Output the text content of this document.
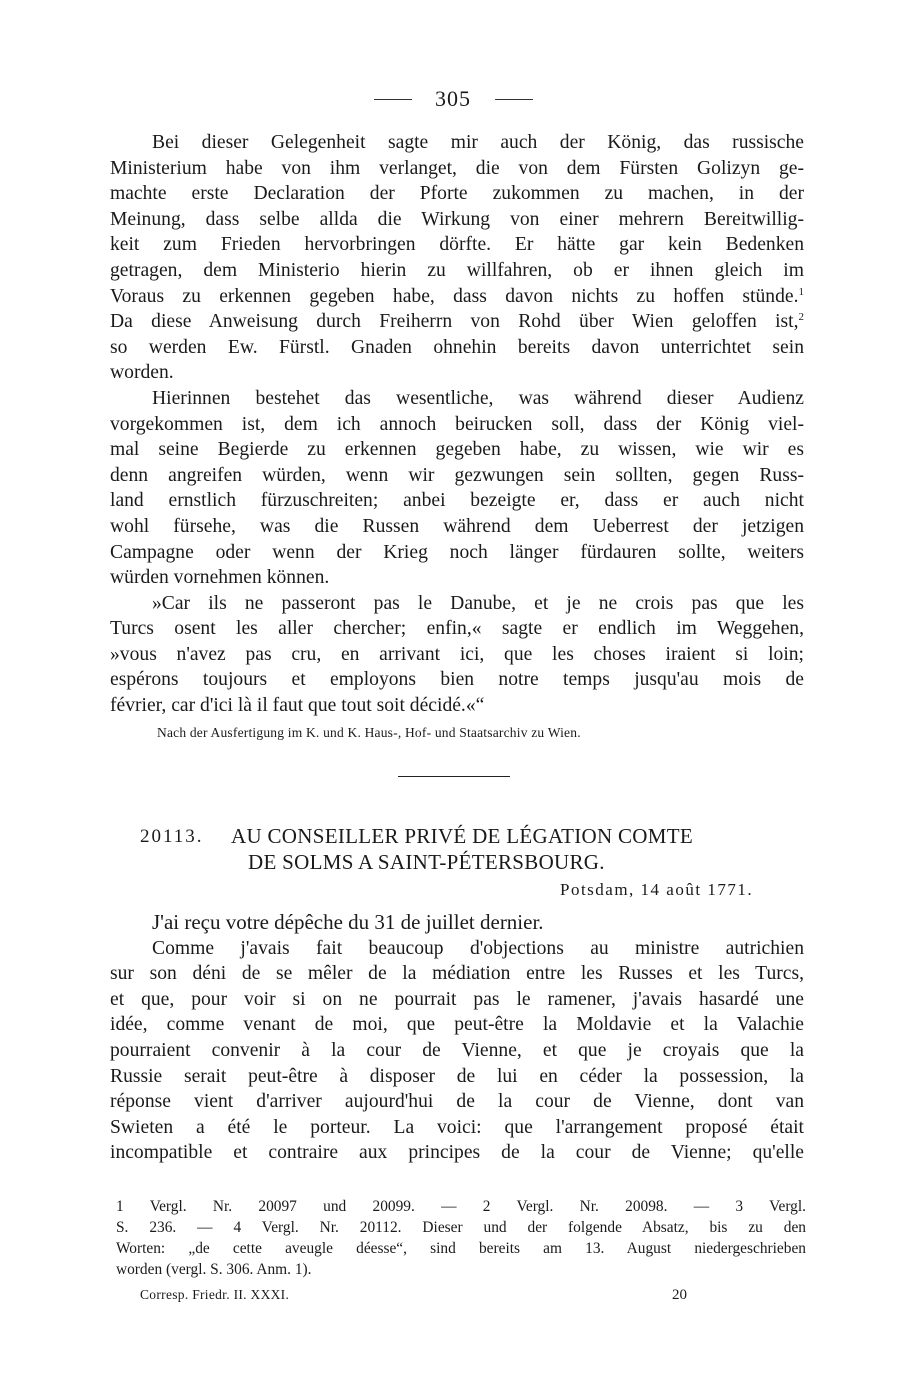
305
Bei dieser Gelegenheit sagte mir auch der König, das russische
Ministerium habe von ihm verlanget, die von dem Fürsten Golizyn ge-
machte erste Declaration der Pforte zukommen zu machen, in der
Meinung, dass selbe allda die Wirkung von einer mehrern Bereitwillig-
keit zum Frieden hervorbringen dörfte. Er hätte gar kein Bedenken
getragen, dem Ministerio hierin zu willfahren, ob er ihnen gleich im
Voraus zu erkennen gegeben habe, dass davon nichts zu hoffen stünde.$^1$
Da diese Anweisung durch Freiherrn von Rohd über Wien geloffen ist,$^2$
so werden Ew. Fürstl. Gnaden ohnehin bereits davon unterrichtet sein
worden.
Hierinnen bestehet das wesentliche, was während dieser Audienz
vorgekommen ist, dem ich annoch beirucken soll, dass der König viel-
mal seine Begierde zu erkennen gegeben habe, zu wissen, wie wir es
denn angreifen würden, wenn wir gezwungen sein sollten, gegen Russ-
land ernstlich fürzuschreiten; anbei bezeigte er, dass er auch nicht
wohl fürsehe, was die Russen während dem Ueberrest der jetzigen
Campagne oder wenn der Krieg noch länger fürdauren sollte, weiters
würden vornehmen können.
»Car ils ne passeront pas le Danube, et je ne crois pas que les
Turcs osent les aller chercher; enfin,« sagte er endlich im Weggehen,
»vous n'avez pas cru, en arrivant ici, que les choses iraient si loin;
espérons toujours et employons bien notre temps jusqu'au mois de
février, car d'ici là il faut que tout soit décidé.«“
Nach der Ausfertigung im K. und K. Haus-, Hof- und Staatsarchiv zu Wien.
20113. AU CONSEILLER PRIVÉ DE LÉGATION COMTE
DE SOLMS A SAINT-PÉTERSBOURG.
Potsdam, 14 août 1771.
J'ai reçu votre dépêche du 31 de juillet dernier.
Comme j'avais fait beaucoup d'objections au ministre autrichien
sur son déni de se mêler de la médiation entre les Russes et les Turcs,
et que, pour voir si on ne pourrait pas le ramener, j'avais hasardé une
idée, comme venant de moi, que peut-être la Moldavie et la Valachie
pourraient convenir à la cour de Vienne, et que je croyais que la
Russie serait peut-être à disposer de lui en céder la possession, la
réponse vient d'arriver aujourd'hui de la cour de Vienne, dont van
Swieten a été le porteur. La voici: que l'arrangement proposé était
incompatible et contraire aux principes de la cour de Vienne; qu'elle
1 Vergl. Nr. 20097 und 20099. — 2 Vergl. Nr. 20098. — 3 Vergl.
S. 236. — 4 Vergl. Nr. 20112. Dieser und der folgende Absatz, bis zu den
Worten: „de cette aveugle déesse“, sind bereits am 13. August niedergeschrieben
worden (vergl. S. 306. Anm. 1).
Corresp. Friedr. II. XXXI.	20
